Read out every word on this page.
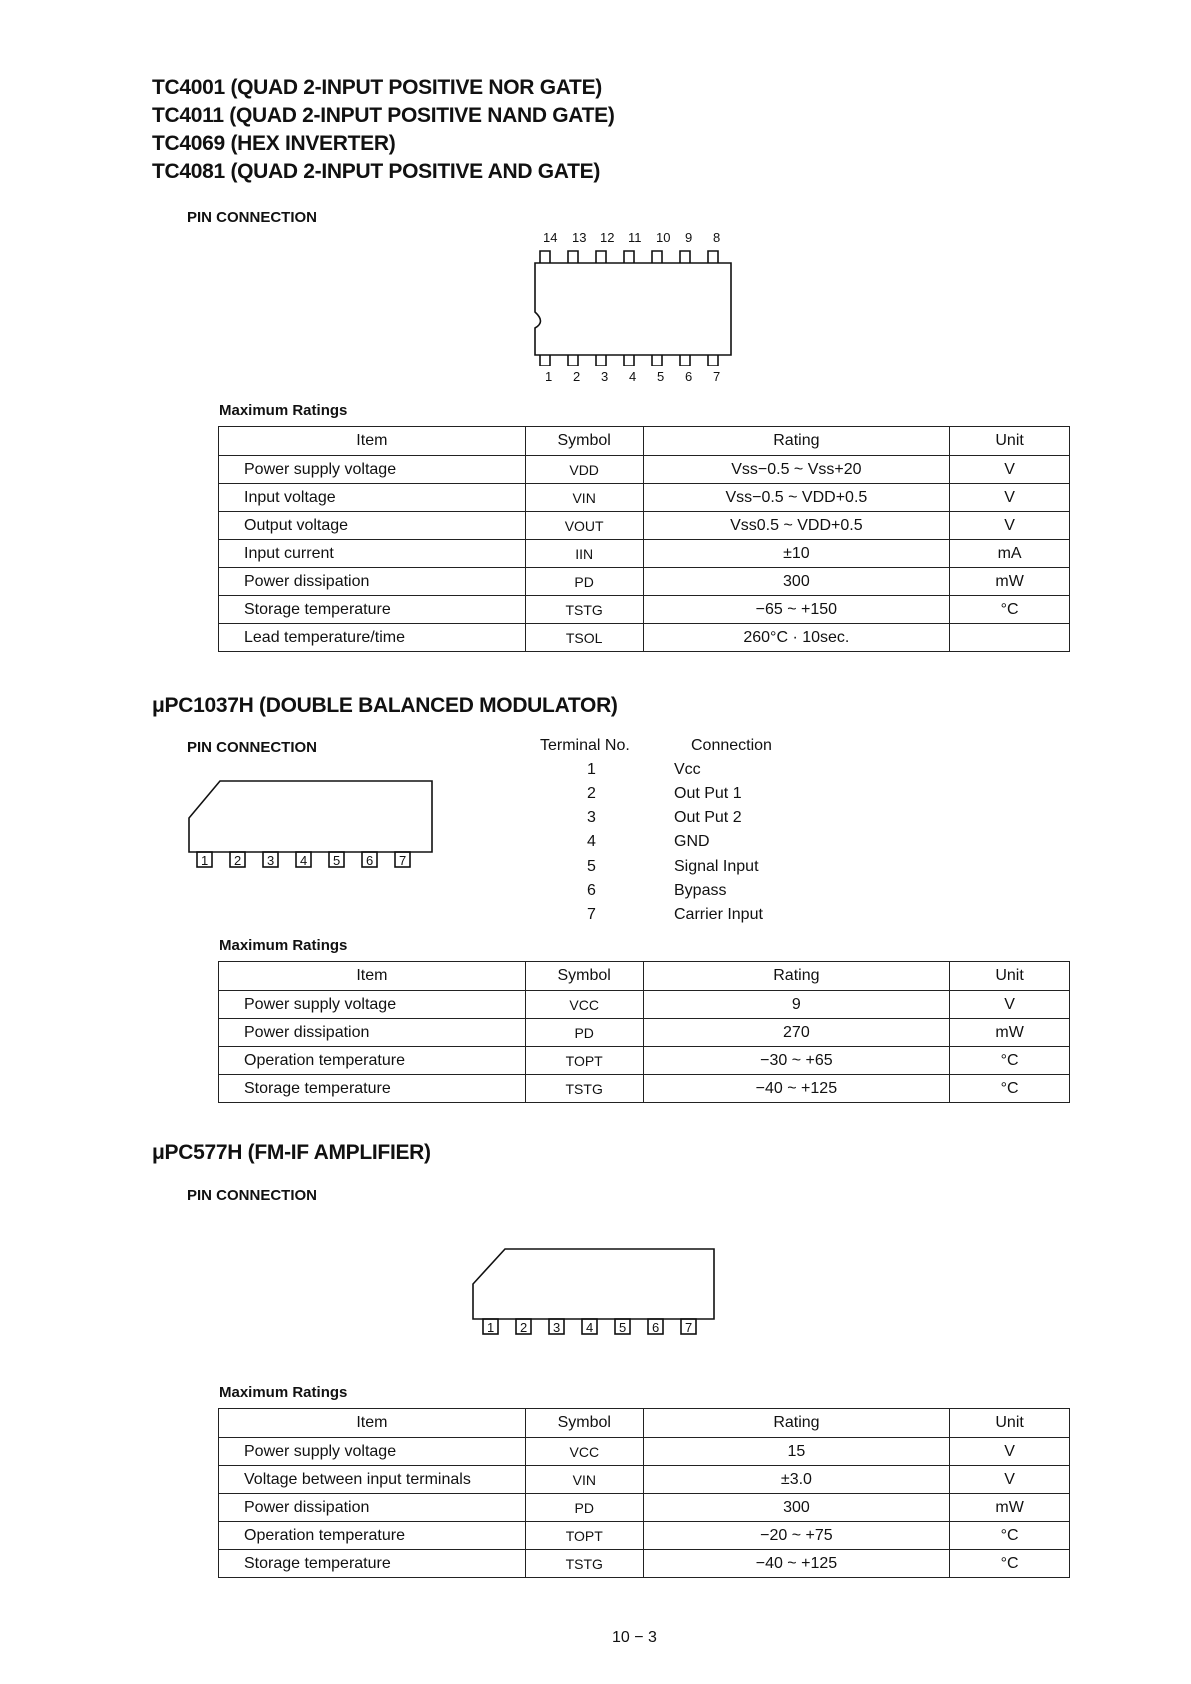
TC4001 (QUAD 2-INPUT POSITIVE NOR GATE)
TC4011 (QUAD 2-INPUT POSITIVE NAND GATE)
TC4069 (HEX INVERTER)
TC4081 (QUAD 2-INPUT POSITIVE AND GATE)
PIN CONNECTION
14 13 12 11 10 9 8
1 2 3 4 5 6 7
Maximum Ratings
Item	Symbol	Rating	Unit
Power supply voltage	VDD	Vss−0.5 ~ Vss+20	V
Input voltage	VIN	Vss−0.5 ~ VDD+0.5	V
Output voltage	VOUT	Vss0.5 ~ VDD+0.5	V
Input current	IIN	±10	mA
Power dissipation	PD	300	mW
Storage temperature	TSTG	−65 ~ +150	°C
Lead temperature/time	TSOL	260°C · 10sec.	
μPC1037H (DOUBLE BALANCED MODULATOR)
PIN CONNECTION
1 2 3 4 5 6 7
Terminal No.	Connection
1	Vcc
2	Out Put 1
3	Out Put 2
4	GND
5	Signal Input
6	Bypass
7	Carrier Input
Maximum Ratings
Item	Symbol	Rating	Unit
Power supply voltage	VCC	9	V
Power dissipation	PD	270	mW
Operation temperature	TOPT	−30 ~ +65	°C
Storage temperature	TSTG	−40 ~ +125	°C
μPC577H (FM-IF AMPLIFIER)
PIN CONNECTION
1 2 3 4 5 6 7
Maximum Ratings
Item	Symbol	Rating	Unit
Power supply voltage	VCC	15	V
Voltage between input terminals	VIN	±3.0	V
Power dissipation	PD	300	mW
Operation temperature	TOPT	−20 ~ +75	°C
Storage temperature	TSTG	−40 ~ +125	°C
10 − 3
